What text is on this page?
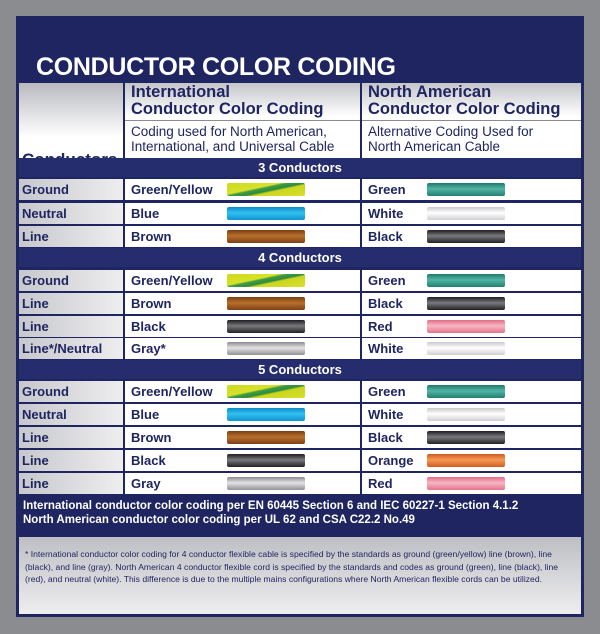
CONDUCTOR COLOR CODING
International
Conductor Color Coding
Coding used for North American,
International, and Universal Cable
North American
Conductor Color Coding
Alternative Coding Used for
North American Cable
3 Conductors
Ground	Green/Yellow	Green
Neutral	Blue	White
Line	Brown	Black
4 Conductors
Ground	Green/Yellow	Green
Line	Brown	Black
Line	Black	Red
Line*/Neutral	Gray*	White
5 Conductors
Ground	Green/Yellow	Green
Neutral	Blue	White
Line	Brown	Black
Line	Black	Orange
Line	Gray	Red
International conductor color coding per EN 60445 Section 6 and IEC 60227-1 Section 4.1.2
North American conductor color coding per UL 62 and CSA C22.2 No.49

* International conductor color coding for 4 conductor flexible cable is specified by the standards as ground (green/yellow) line (brown), line (black), and line (gray). North American 4 conductor flexible cord is specified by the standards and codes as ground (green), line (black), line (red), and neutral (white). This difference is due to the multiple mains configurations where North American flexible cords can be utilized.
